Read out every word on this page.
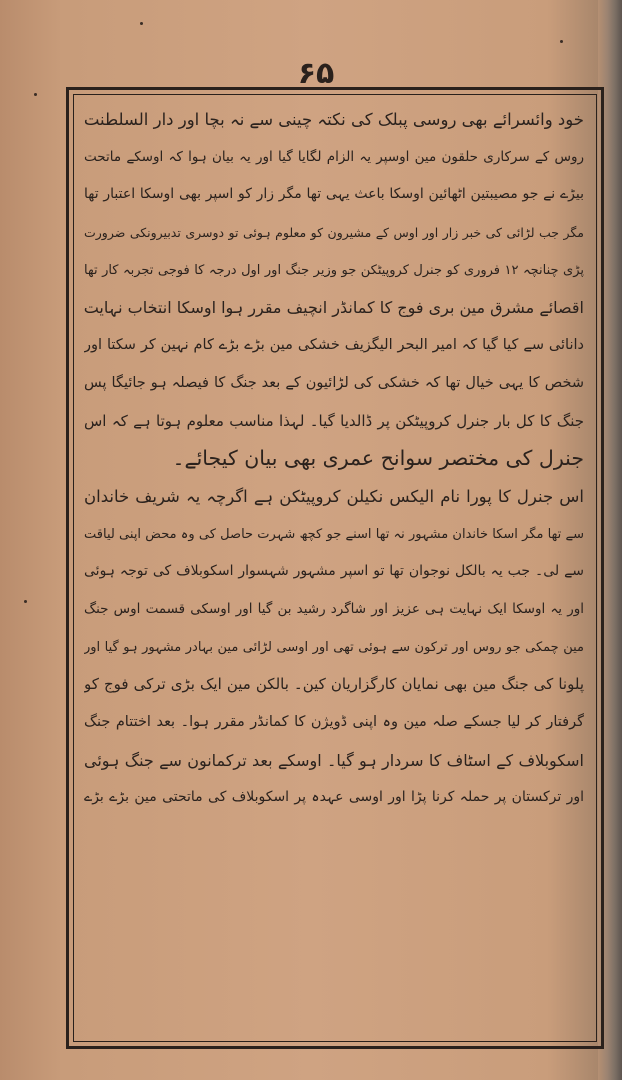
۶۵
خود وائسرائے بھی روسی پبلک کی نکتہ چینی سے نہ بچا اور دار السلطنت
روس کے سرکاری حلقون مین اوسپر یہ الزام لگایا گیا اور یہ بیان ہوا کہ اوسکے ماتحت
بیڑے نے جو مصیبتین اٹھائین اوسکا باعث یہی تھا مگر زار کو اسپر بھی اوسکا اعتبار تھا
مگر جب لڑائی کی خبر زار اور اوس کے مشیرون کو معلوم ہوئی تو دوسری تدبیرونکی ضرورت
پڑی چنانچہ ۱۲ فروری کو جنرل کروپیٹکن جو وزیر جنگ اور اول درجہ کا فوجی تجربہ کار تھا
اقصائے مشرق مین بری فوج کا کمانڈر انچیف مقرر ہوا اوسکا انتخاب نہایت
دانائی سے کیا گیا کہ امیر البحر الیگزیف خشکی مین بڑے بڑے کام نہین کر سکتا اور
شخص کا یہی خیال تھا کہ خشکی کی لڑائیون کے بعد جنگ کا فیصلہ ہو جائیگا پس
جنگ کا کل بار جنرل کروپیٹکن پر ڈالدیا گیا۔ لہذا مناسب معلوم ہوتا ہے کہ اس
جنرل کی مختصر سوانح عمری بھی بیان کیجائے۔
اس جنرل کا پورا نام الیکس نکیلن کروپیٹکن ہے اگرچہ یہ شریف خاندان
سے تھا مگر اسکا خاندان مشہور نہ تھا اسنے جو کچھ شہرت حاصل کی وہ محض اپنی لیاقت
سے لی۔ جب یہ بالکل نوجوان تھا تو اسپر مشہور شہسوار اسکوبلاف کی توجہ ہوئی
اور یہ اوسکا ایک نہایت ہی عزیز اور شاگرد رشید بن گیا اور اوسکی قسمت اوس جنگ
مین چمکی جو روس اور ترکون سے ہوئی تھی اور اوسی لڑائی مین بہادر مشہور ہو گیا اور
پلونا کی جنگ مین بھی نمایان کارگزاریان کین۔ بالکن مین ایک بڑی ترکی فوج کو
گرفتار کر لیا جسکے صلہ مین وہ اپنی ڈویژن کا کمانڈر مقرر ہوا۔ بعد اختتام جنگ
اسکوبلاف کے اسٹاف کا سردار ہو گیا۔ اوسکے بعد ترکمانون سے جنگ ہوئی
اور ترکستان پر حملہ کرنا پڑا اور اوسی عہدہ پر اسکوبلاف کی ماتحتی مین بڑے بڑے
